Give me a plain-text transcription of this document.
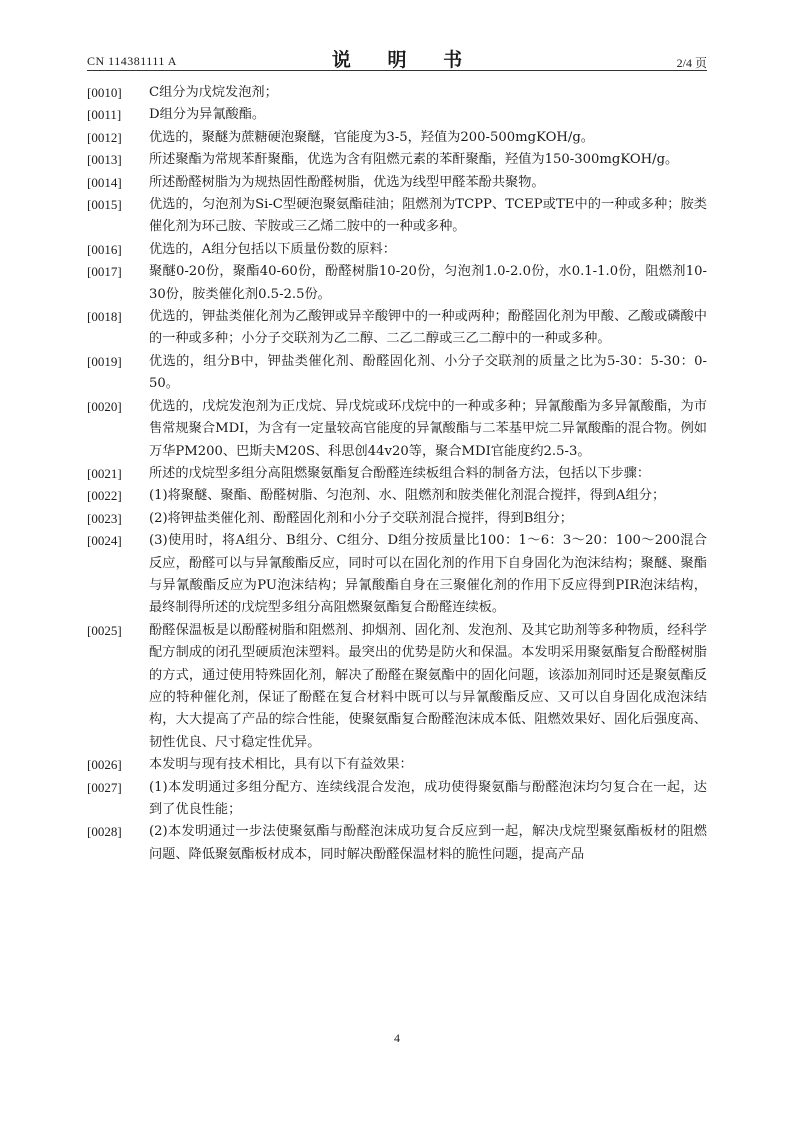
CN 114381111 A	说 明 书	2/4 页
[0010] C组分为戊烷发泡剂；
[0011] D组分为异氰酸酯。
[0012] 优选的，聚醚为蔗糖硬泡聚醚，官能度为3-5，羟值为200-500mgKOH/g。
[0013] 所述聚酯为常规苯酐聚酯，优选为含有阻燃元素的苯酐聚酯，羟值为150-300mgKOH/g。
[0014] 所述酚醛树脂为为规热固性酚醛树脂，优选为线型甲醛苯酚共聚物。
[0015] 优选的，匀泡剂为Si-C型硬泡聚氨酯硅油；阻燃剂为TCPP、TCEP或TE中的一种或多种；胺类催化剂为环己胺、苄胺或三乙烯二胺中的一种或多种。
[0016] 优选的，A组分包括以下质量份数的原料：
[0017] 聚醚0-20份，聚酯40-60份，酚醛树脂10-20份，匀泡剂1.0-2.0份，水0.1-1.0份，阻燃剂10-30份，胺类催化剂0.5-2.5份。
[0018] 优选的，钾盐类催化剂为乙酸钾或异辛酸钾中的一种或两种；酚醛固化剂为甲酸、乙酸或磷酸中的一种或多种；小分子交联剂为乙二醇、二乙二醇或三乙二醇中的一种或多种。
[0019] 优选的，组分B中，钾盐类催化剂、酚醛固化剂、小分子交联剂的质量之比为5-30：5-30：0-50。
[0020] 优选的，戊烷发泡剂为正戊烷、异戊烷或环戊烷中的一种或多种；异氰酸酯为多异氰酸酯，为市售常规聚合MDI，为含有一定量较高官能度的异氰酸酯与二苯基甲烷二异氰酸酯的混合物。例如万华PM200、巴斯夫M20S、科思创44v20等，聚合MDI官能度约2.5-3。
[0021] 所述的戊烷型多组分高阻燃聚氨酯复合酚醛连续板组合料的制备方法，包括以下步骤：
[0022] (1)将聚醚、聚酯、酚醛树脂、匀泡剂、水、阻燃剂和胺类催化剂混合搅拌，得到A组分；
[0023] (2)将钾盐类催化剂、酚醛固化剂和小分子交联剂混合搅拌，得到B组分；
[0024] (3)使用时，将A组分、B组分、C组分、D组分按质量比100：1～6：3～20：100～200混合反应，酚醛可以与异氰酸酯反应，同时可以在固化剂的作用下自身固化为泡沫结构；聚醚、聚酯与异氰酸酯反应为PU泡沫结构；异氰酸酯自身在三聚催化剂的作用下反应得到PIR泡沫结构，最终制得所述的戊烷型多组分高阻燃聚氨酯复合酚醛连续板。
[0025] 酚醛保温板是以酚醛树脂和阻燃剂、抑烟剂、固化剂、发泡剂、及其它助剂等多种物质，经科学配方制成的闭孔型硬质泡沫塑料。最突出的优势是防火和保温。本发明采用聚氨酯复合酚醛树脂的方式，通过使用特殊固化剂，解决了酚醛在聚氨酯中的固化问题，该添加剂同时还是聚氨酯反应的特种催化剂，保证了酚醛在复合材料中既可以与异氰酸酯反应、又可以自身固化成泡沫结构，大大提高了产品的综合性能，使聚氨酯复合酚醛泡沫成本低、阻燃效果好、固化后强度高、韧性优良、尺寸稳定性优异。
[0026] 本发明与现有技术相比，具有以下有益效果：
[0027] (1)本发明通过多组分配方、连续线混合发泡，成功使得聚氨酯与酚醛泡沫均匀复合在一起，达到了优良性能；
[0028] (2)本发明通过一步法使聚氨酯与酚醛泡沫成功复合反应到一起，解决戊烷型聚氨酯板材的阻燃问题、降低聚氨酯板材成本，同时解决酚醛保温材料的脆性问题，提高产品
4
